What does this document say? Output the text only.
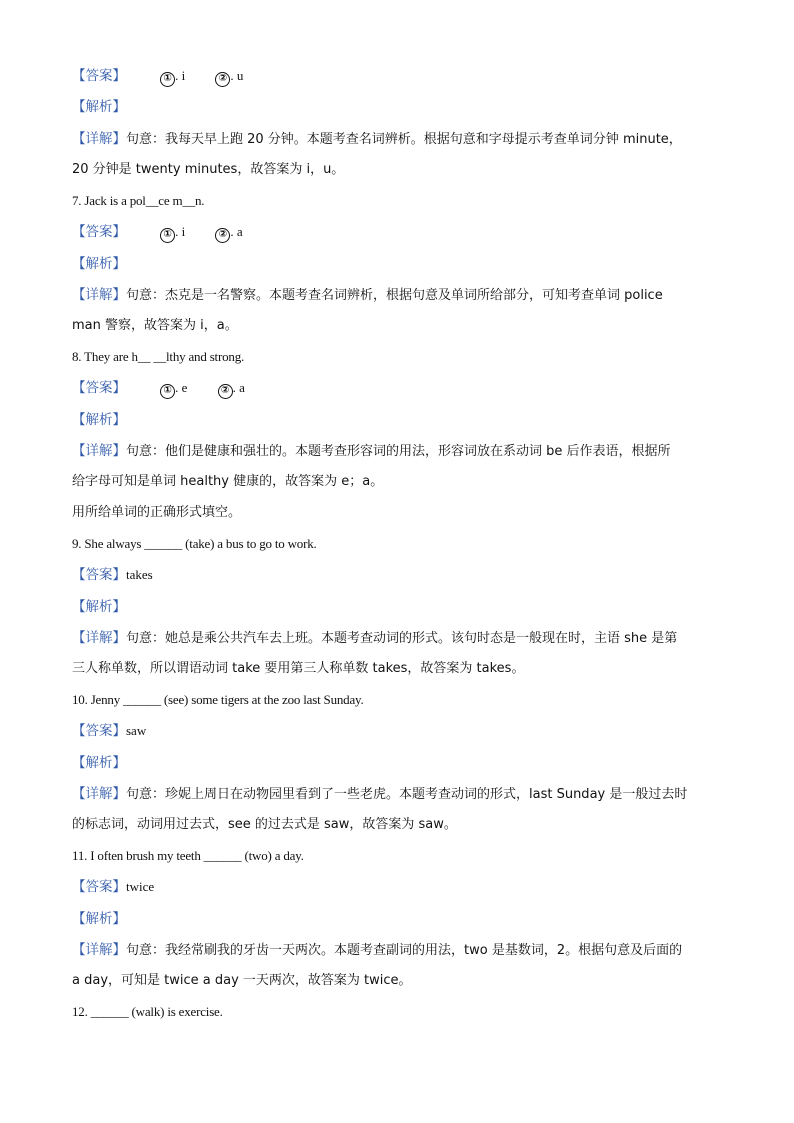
【答案】	① . i	② . u
【解析】
【详解】句意：我每天早上跑 20 分钟。本题考查名词辨析。根据句意和字母提示考查单词分钟 minute，
20 分钟是 twenty minutes，故答案为 i，u。
7. Jack is a pol__ce m__n.
【答案】	① . i	② . a
【解析】
【详解】句意：杰克是一名警察。本题考查名词辨析，根据句意及单词所给部分，可知考查单词 police
man 警察，故答案为 i，a。
8. They are h__ __lthy and strong.
【答案】	① . e	② . a
【解析】
【详解】句意：他们是健康和强壮的。本题考查形容词的用法，形容词放在系动词 be 后作表语，根据所
给字母可知是单词 healthy 健康的，故答案为 e；a。
用所给单词的正确形式填空。
9. She always ______ (take) a bus to go to work.
【答案】takes
【解析】
【详解】句意：她总是乘公共汽车去上班。本题考查动词的形式。该句时态是一般现在时，主语 she 是第
三人称单数，所以谓语动词 take 要用第三人称单数 takes，故答案为 takes。
10. Jenny ______ (see) some tigers at the zoo last Sunday.
【答案】saw
【解析】
【详解】句意：珍妮上周日在动物园里看到了一些老虎。本题考查动词的形式，last Sunday 是一般过去时
的标志词，动词用过去式，see 的过去式是 saw，故答案为 saw。
11. I often brush my teeth ______ (two) a day.
【答案】twice
【解析】
【详解】句意：我经常刷我的牙齿一天两次。本题考查副词的用法，two 是基数词，2。根据句意及后面的
a day，可知是 twice a day 一天两次，故答案为 twice。
12. ______ (walk) is exercise.
